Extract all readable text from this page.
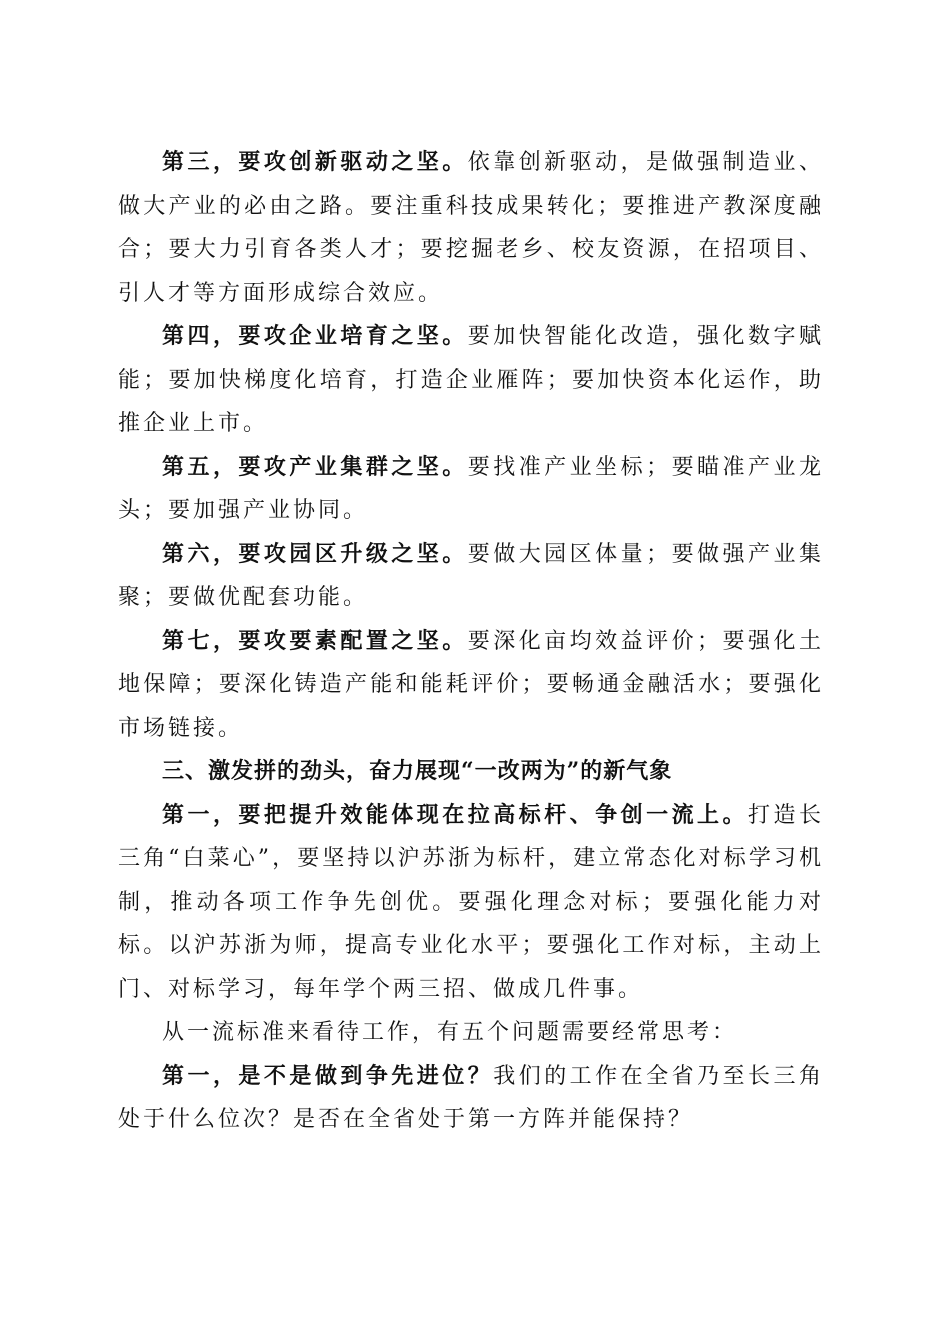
第三，要攻创新驱动之坚。依靠创新驱动，是做强制造业、做大产业的必由之路。要注重科技成果转化；要推进产教深度融合；要大力引育各类人才；要挖掘老乡、校友资源，在招项目、引人才等方面形成综合效应。

第四，要攻企业培育之坚。要加快智能化改造，强化数字赋能；要加快梯度化培育，打造企业雁阵；要加快资本化运作，助推企业上市。

第五，要攻产业集群之坚。要找准产业坐标；要瞄准产业龙头；要加强产业协同。

第六，要攻园区升级之坚。要做大园区体量；要做强产业集聚；要做优配套功能。

第七，要攻要素配置之坚。要深化亩均效益评价；要强化土地保障；要深化铸造产能和能耗评价；要畅通金融活水；要强化市场链接。

三、激发拼的劲头，奋力展现“一改两为”的新气象

第一，要把提升效能体现在拉高标杆、争创一流上。打造长三角“白菜心”，要坚持以沪苏浙为标杆，建立常态化对标学习机制，推动各项工作争先创优。要强化理念对标；要强化能力对标。以沪苏浙为师，提高专业化水平；要强化工作对标，主动上门、对标学习，每年学个两三招、做成几件事。

从一流标准来看待工作，有五个问题需要经常思考：

第一，是不是做到争先进位？我们的工作在全省乃至长三角处于什么位次？是否在全省处于第一方阵并能保持？
